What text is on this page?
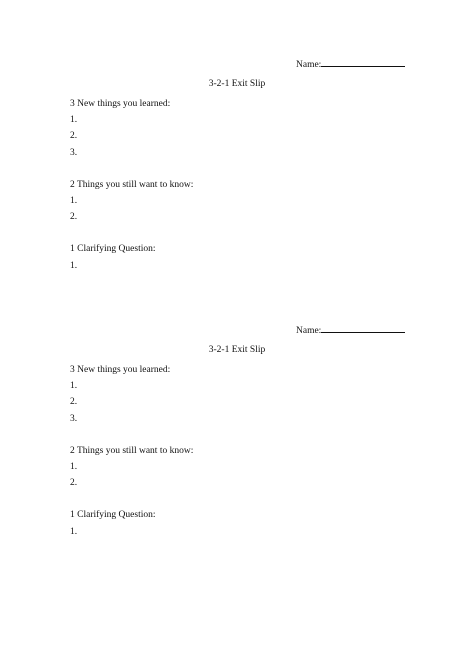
Name:
3-2-1 Exit Slip
3 New things you learned:
1.
2.
3.
2 Things you still want to know:
1.
2.
1 Clarifying Question:
1.
Name:
3-2-1 Exit Slip
3 New things you learned:
1.
2.
3.
2 Things you still want to know:
1.
2.
1 Clarifying Question:
1.
